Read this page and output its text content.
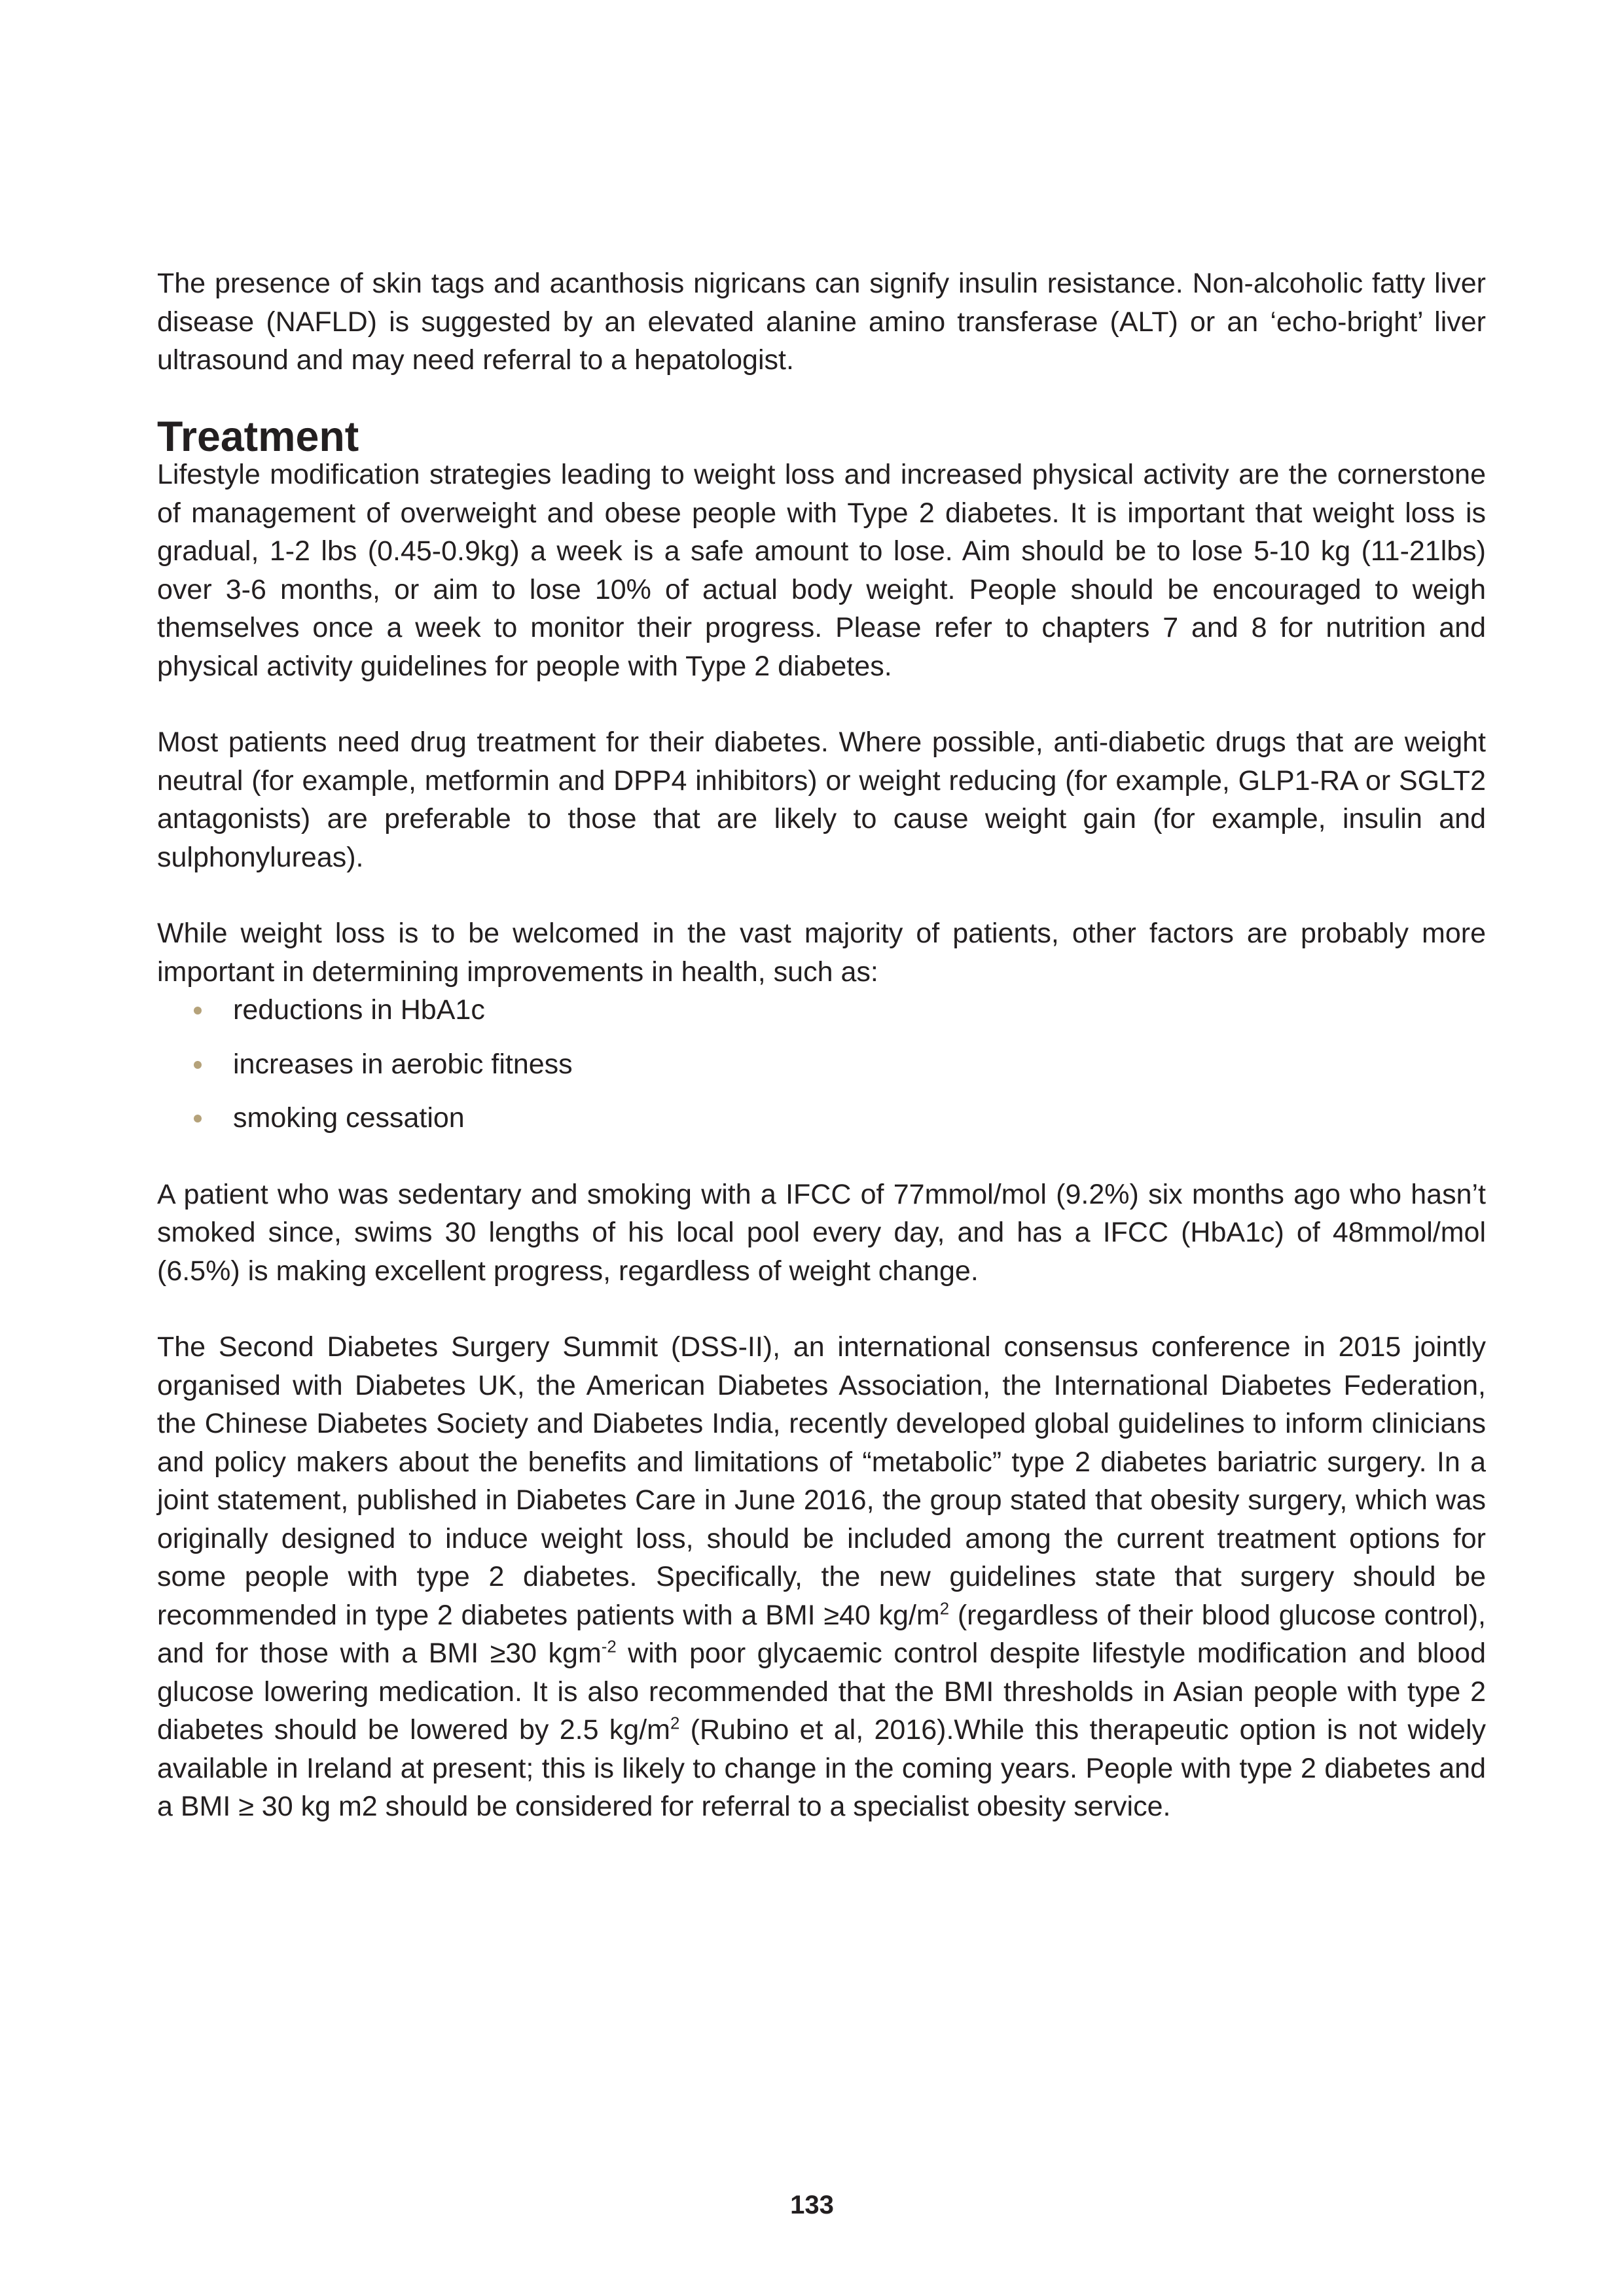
The presence of skin tags and acanthosis nigricans can signify insulin resistance. Non-alcoholic fatty liver disease (NAFLD) is suggested by an elevated alanine amino transferase (ALT) or an ‘echo-bright’ liver ultrasound and may need referral to a hepatologist.

Treatment

Lifestyle modification strategies leading to weight loss and increased physical activity are the cornerstone of management of overweight and obese people with Type 2 diabetes. It is important that weight loss is gradual, 1-2 lbs (0.45-0.9kg) a week is a safe amount to lose. Aim should be to lose 5-10 kg (11-21lbs) over 3-6 months, or aim to lose 10% of actual body weight. People should be encouraged to weigh themselves once a week to monitor their progress. Please refer to chapters 7 and 8 for nutrition and physical activity guidelines for people with Type 2 diabetes.

Most patients need drug treatment for their diabetes. Where possible, anti-diabetic drugs that are weight neutral (for example, metformin and DPP4 inhibitors) or weight reducing (for example, GLP1-RA or SGLT2 antagonists) are preferable to those that are likely to cause weight gain (for example, insulin and sulphonylureas).

While weight loss is to be welcomed in the vast majority of patients, other factors are probably more important in determining improvements in health, such as:

reductions in HbA1c
increases in aerobic fitness
smoking cessation

A patient who was sedentary and smoking with a IFCC of 77mmol/mol (9.2%) six months ago who hasn’t smoked since, swims 30 lengths of his local pool every day, and has a IFCC (HbA1c) of 48mmol/mol (6.5%) is making excellent progress, regardless of weight change.

The Second Diabetes Surgery Summit (DSS-II), an international consensus conference in 2015 jointly organised with Diabetes UK, the American Diabetes Association, the International Diabetes Federation, the Chinese Diabetes Society and Diabetes India, recently developed global guidelines to inform clinicians and policy makers about the benefits and limitations of “metabolic” type 2 diabetes bariatric surgery. In a joint statement, published in Diabetes Care in June 2016, the group stated that obesity surgery, which was originally designed to induce weight loss, should be included among the current treatment options for some people with type 2 diabetes. Specifically, the new guidelines state that surgery should be recommended in type 2 diabetes patients with a BMI ≥40 $kg/m^2$ (regardless of their blood glucose control), and for those with a BMI ≥30 kgm$^{-2}$ with poor glycaemic control despite lifestyle modification and blood glucose lowering medication. It is also recommended that the BMI thresholds in Asian people with type 2 diabetes should be lowered by 2.5 $kg/m^2$ (Rubino et al, 2016).While this therapeutic option is not widely available in Ireland at present; this is likely to change in the coming years. People with type 2 diabetes and a BMI ≥ 30 kg m2 should be considered for referral to a specialist obesity service.

133
